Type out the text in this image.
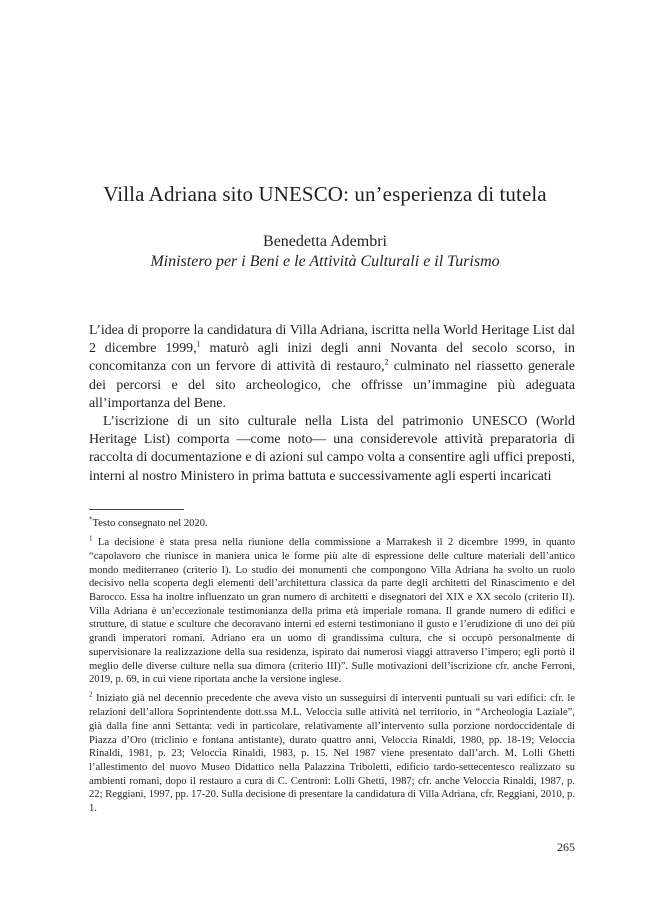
Villa Adriana sito UNESCO: un’esperienza di tutela
Benedetta Adembri
Ministero per i Beni e le Attività Culturali e il Turismo

L’idea di proporre la candidatura di Villa Adriana, iscritta nella World Heritage List dal 2 dicembre 1999,$^1$ maturò agli inizi degli anni Novanta del secolo scorso, in concomitanza con un fervore di attività di restauro,$^2$ culminato nel riassetto generale dei percorsi e del sito archeologico, che offrisse un’immagine più adeguata all’importanza del Bene.

L’iscrizione di un sito culturale nella Lista del patrimonio UNESCO (World Heritage List) comporta —come noto— una considerevole attività preparatoria di raccolta di documentazione e di azioni sul campo volta a consentire agli uffici preposti, interni al nostro Ministero in prima battuta e successivamente agli esperti incaricati

*Testo consegnato nel 2020.

$^1$ La decisione è stata presa nella riunione della commissione a Marrakesh il 2 dicembre 1999, in quanto “capolavoro che riunisce in maniera unica le forme più alte di espressione delle culture materiali dell’antico mondo mediterraneo (criterio I). Lo studio dei monumenti che compongono Villa Adriana ha svolto un ruolo decisivo nella scoperta degli elementi dell’architettura classica da parte degli architetti del Rinascimento e del Barocco. Essa ha inoltre influenzato un gran numero di architetti e disegnatori del XIX e XX secolo (criterio II). Villa Adriana è un’eccezionale testimonianza della prima età imperiale romana. Il grande numero di edifici e strutture, di statue e sculture che decoravano interni ed esterni testimoniano il gusto e l’erudizione di uno dei più grandi imperatori romani. Adriano era un uomo di grandissima cultura, che si occupò personalmente di supervisionare la realizzazione della sua residenza, ispirato dai numerosi viaggi attraverso l’impero; egli portò il meglio delle diverse culture nella sua dimora (criterio III)”. Sulle motivazioni dell’iscrizione cfr. anche Ferroni, 2019, p. 69, in cui viene riportata anche la versione inglese.

$^2$ Iniziato già nel decennio precedente che aveva visto un susseguirsi di interventi puntuali su vari edifici: cfr. le relazioni dell’allora Soprintendente dott.ssa M.L. Veloccia sulle attività nel territorio, in “Archeologia Laziale”, già dalla fine anni Settanta: vedi in particolare, relativamente all’intervento sulla porzione nordoccidentale di Piazza d’Oro (triclinio e fontana antistante), durato quattro anni, Veloccia Rinaldi, 1980, pp. 18-19; Veloccia Rinaldi, 1981, p. 23; Veloccia Rinaldi, 1983, p. 15. Nel 1987 viene presentato dall’arch. M. Lolli Ghetti l’allestimento del nuovo Museo Didattico nella Palazzina Triboletti, edificio tardo-settecentesco realizzato su ambienti romani, dopo il restauro a cura di C. Centroni: Lolli Ghetti, 1987; cfr. anche Veloccia Rinaldi, 1987, p. 22; Reggiani, 1997, pp. 17-20. Sulla decisione di presentare la candidatura di Villa Adriana, cfr. Reggiani, 2010, p. 1.

265
